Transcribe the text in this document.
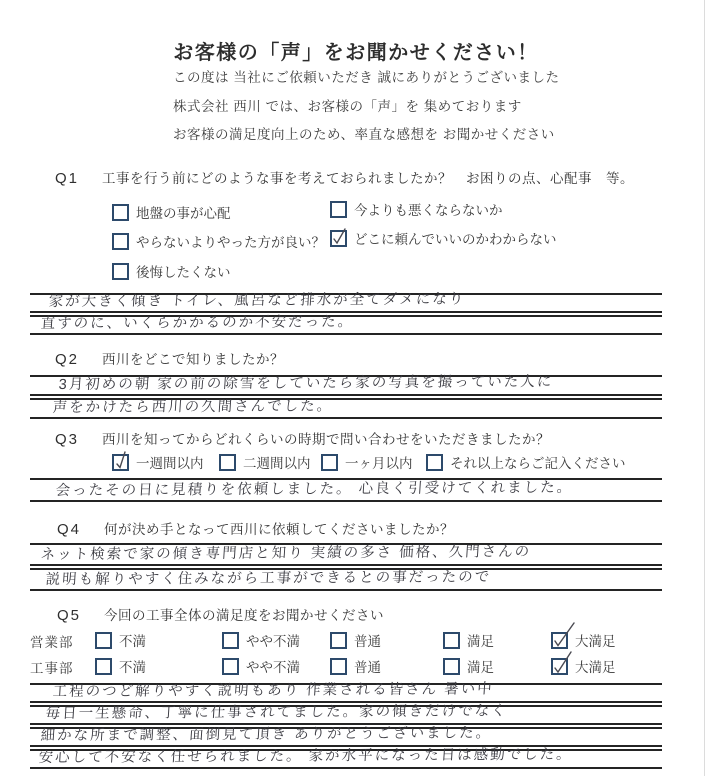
お客様の「声」をお聞かせください！
この度は 当社にご依頼いただき 誠にありがとうございました
株式会社 西川 では、お客様の「声」を 集めております
お客様の満足度向上のため、率直な感想を お聞かせください
Q1 工事を行う前にどのような事を考えておられましたか？　お困りの点、心配事　等。
地盤の事が心配	今よりも悪くならないか
やらないよりやった方が良い？ どこに頼んでいいのかわからない
後悔したくない
家が大きく傾き トイレ、風呂など排水が全てダメになり
直すのに、いくらかかるのか不安だった。
Q2 西川をどこで知りましたか？
3月初めの朝 家の前の除雪をしていたら家の写真を撮っていた人に
声をかけたら西川の久間さんでした。
Q3 西川を知ってからどれくらいの時期で問い合わせをいただきましたか？
一週間以内	二週間以内	一ヶ月以内	それ以上ならご記入ください
会ったその日に見積りを依頼しました。 心良く引受けてくれました。
Q4 何が決め手となって西川に依頼してくださいましたか？
ネット検索で家の傾き専門店と知り 実績の多さ 価格、久門さんの
説明も解りやすく住みながら工事ができるとの事だったので
Q5 今回の工事全体の満足度をお聞かせください
営業部	不満	やや不満	普通	満足	大満足
工事部	不満	やや不満	普通	満足	大満足
工程のつど解りやすく説明もあり 作業される皆さん 暑い中
毎日一生懸命、丁寧に仕事されてました。家の傾きだけでなく
細かな所まで調整、面倒見て頂き ありがとうございました。
安心して不安なく任せられました。 家が水平になった日は感動でした。
